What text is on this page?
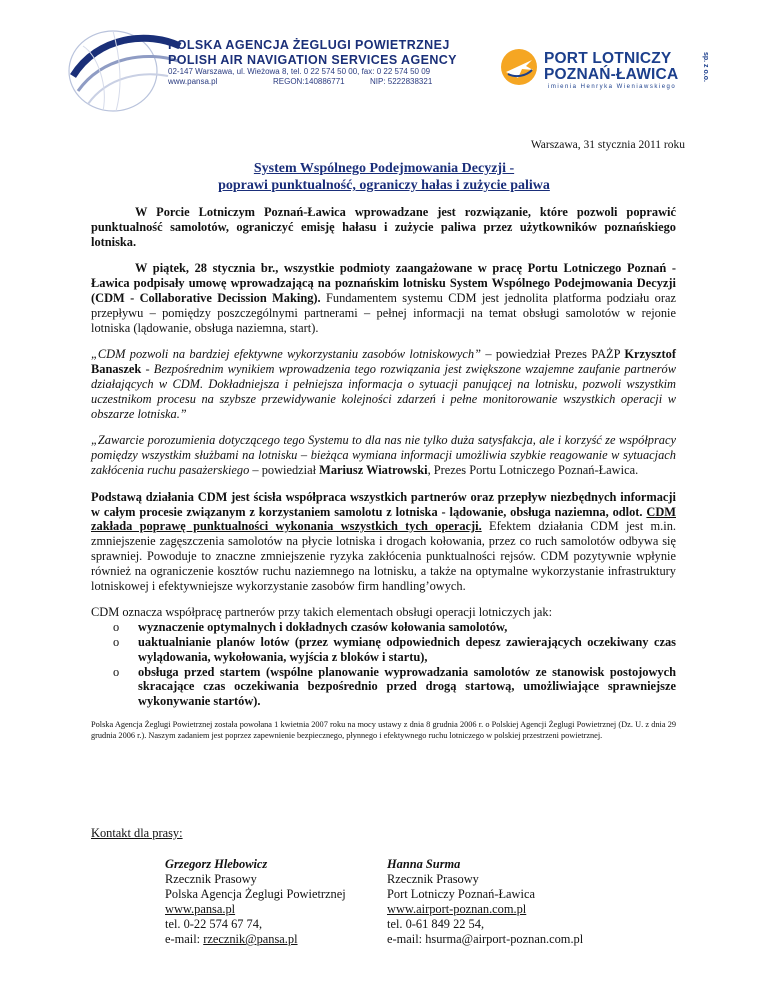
POLSKA AGENCJA ŻEGLUGI POWIETRZNEJ
POLISH AIR NAVIGATION SERVICES AGENCY
02-147 Warszawa, ul. Wieżowa 8, tel. 0 22 574 50 00, fax: 0 22 574 50 09
www.pansa.pl	REGON:140886771	NIP: 5222838321
PORT LOTNICZY
POZNAŃ-ŁAWICA
imienia Henryka Wieniawskiego
sp. z o.o.
Warszawa, 31 stycznia 2011 roku
System Wspólnego Podejmowania Decyzji -
poprawi punktualność, ograniczy hałas i zużycie paliwa

W Porcie Lotniczym Poznań-Ławica wprowadzane jest rozwiązanie, które pozwoli poprawić punktualność samolotów, ograniczyć emisję hałasu i zużycie paliwa przez użytkowników poznańskiego lotniska.

W piątek, 28 stycznia br., wszystkie podmioty zaangażowane w pracę Portu Lotniczego Poznań - Ławica podpisały umowę wprowadzającą na poznańskim lotnisku System Wspólnego Podejmowania Decyzji (CDM - Collaborative Decission Making). Fundamentem systemu CDM jest jednolita platforma podziału oraz przepływu – pomiędzy poszczególnymi partnerami – pełnej informacji na temat obsługi samolotów w rejonie lotniska (lądowanie, obsługa naziemna, start).

„CDM pozwoli na bardziej efektywne wykorzystaniu zasobów lotniskowych” – powiedział Prezes PAŻP Krzysztof Banaszek - Bezpośrednim wynikiem wprowadzenia tego rozwiązania jest zwiększone wzajemne zaufanie partnerów działających w CDM. Dokładniejsza i pełniejsza informacja o sytuacji panującej na lotnisku, pozwoli wszystkim uczestnikom procesu na szybsze przewidywanie kolejności zdarzeń i pełne monitorowanie wszystkich operacji w obszarze lotniska.”

„Zawarcie porozumienia dotyczącego tego Systemu to dla nas nie tylko duża satysfakcja, ale i korzyść ze współpracy pomiędzy wszystkim służbami na lotnisku – bieżąca wymiana informacji umożliwia szybkie reagowanie w sytuacjach zakłócenia ruchu pasażerskiego – powiedział Mariusz Wiatrowski, Prezes Portu Lotniczego Poznań-Ławica.

Podstawą działania CDM jest ścisła współpraca wszystkich partnerów oraz przepływ niezbędnych informacji w całym procesie związanym z korzystaniem samolotu z lotniska - lądowanie, obsługa naziemna, odlot. CDM zakłada poprawę punktualności wykonania wszystkich tych operacji. Efektem działania CDM jest m.in. zmniejszenie zagęszczenia samolotów na płycie lotniska i drogach kołowania, przez co ruch samolotów odbywa się sprawniej. Powoduje to znaczne zmniejszenie ryzyka zakłócenia punktualności rejsów. CDM pozytywnie wpłynie również na ograniczenie kosztów ruchu naziemnego na lotnisku, a także na optymalne wykorzystanie infrastruktury lotniskowej i efektywniejsze wykorzystanie zasobów firm handling’owych.

CDM oznacza współpracę partnerów przy takich elementach obsługi operacji lotniczych jak:
o wyznaczenie optymalnych i dokładnych czasów kołowania samolotów,
o uaktualnianie planów lotów (przez wymianę odpowiednich depesz zawierających oczekiwany czas wylądowania, wykołowania, wyjścia z bloków i startu),
o obsługa przed startem (wspólne planowanie wyprowadzania samolotów ze stanowisk postojowych skracające czas oczekiwania bezpośrednio przed drogą startową, umożliwiające sprawniejsze wykonywanie startów).
Polska Agencja Żeglugi Powietrznej została powołana 1 kwietnia 2007 roku na mocy ustawy z dnia 8 grudnia 2006 r. o Polskiej Agencji Żeglugi Powietrznej (Dz. U. z dnia 29 grudnia 2006 r.). Naszym zadaniem jest poprzez zapewnienie bezpiecznego, płynnego i efektywnego ruchu lotniczego w polskiej przestrzeni powietrznej.
Kontakt dla prasy:
Grzegorz Hlebowicz
Rzecznik Prasowy
Polska Agencja Żeglugi Powietrznej
www.pansa.pl
tel. 0-22 574 67 74,
e-mail: rzecznik@pansa.pl
Hanna Surma
Rzecznik Prasowy
Port Lotniczy Poznań-Ławica
www.airport-poznan.com.pl
tel. 0-61 849 22 54,
e-mail: hsurma@airport-poznan.com.pl
